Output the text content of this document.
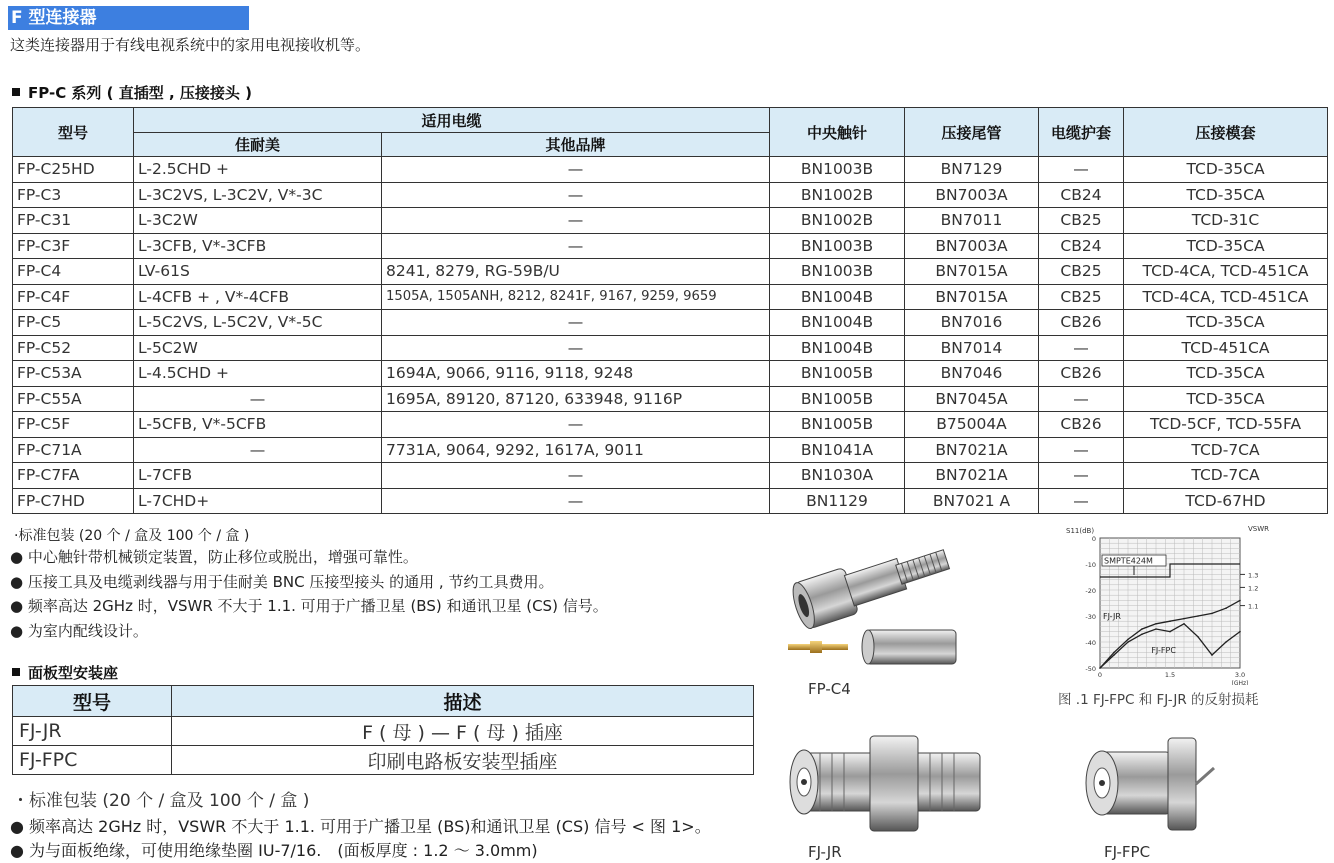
F 型连接器
这类连接器用于有线电视系统中的家用电视接收机等。
FP-C 系列 ( 直插型 , 压接接头 )
型号	适用电缆		中央触针	压接尾管	电缆护套	压接模套
	佳耐美	其他品牌				
FP-C25HD	L-2.5CHD +	—	BN1003B	BN7129	—	TCD-35CA
FP-C3	L-3C2VS, L-3C2V, V*-3C	—	BN1002B	BN7003A	CB24	TCD-35CA
FP-C31	L-3C2W	—	BN1002B	BN7011	CB25	TCD-31C
FP-C3F	L-3CFB, V*-3CFB	—	BN1003B	BN7003A	CB24	TCD-35CA
FP-C4	LV-61S	8241, 8279, RG-59B/U	BN1003B	BN7015A	CB25	TCD-4CA, TCD-451CA
FP-C4F	L-4CFB + , V*-4CFB	1505A, 1505ANH, 8212, 8241F, 9167, 9259, 9659	BN1004B	BN7015A	CB25	TCD-4CA, TCD-451CA
FP-C5	L-5C2VS, L-5C2V, V*-5C	—	BN1004B	BN7016	CB26	TCD-35CA
FP-C52	L-5C2W	—	BN1004B	BN7014	—	TCD-451CA
FP-C53A	L-4.5CHD +	1694A, 9066, 9116, 9118, 9248	BN1005B	BN7046	CB26	TCD-35CA
FP-C55A	—	1695A, 89120, 87120, 633948, 9116P	BN1005B	BN7045A	—	TCD-35CA
FP-C5F	L-5CFB, V*-5CFB	—	BN1005B	B75004A	CB26	TCD-5CF, TCD-55FA
FP-C71A	—	7731A, 9064, 9292, 1617A, 9011	BN1041A	BN7021A	—	TCD-7CA
FP-C7FA	L-7CFB	—	BN1030A	BN7021A	—	TCD-7CA
FP-C7HD	L-7CHD+	—	BN1129	BN7021 A	—	TCD-67HD
·标准包装 (20 个 / 盒及 100 个 / 盒 )
● 中心触针带机械锁定装置，防止移位或脱出，增强可靠性。
● 压接工具及电缆剥线器与用于佳耐美 BNC 压接型接头 的通用 , 节约工具费用。
● 频率高达 2GHz 时，VSWR 不大于 1.1. 可用于广播卫星 (BS) 和通讯卫星 (CS) 信号。
● 为室内配线设计。
面板型安装座
型号	描述
FJ-JR	F ( 母 ) — F ( 母 ) 插座
FJ-FPC	印刷电路板安装型插座
・标准包装 (20 个 / 盒及 100 个 / 盒 )
● 频率高达 2GHz 时，VSWR 不大于 1.1. 可用于广播卫星 (BS)和通讯卫星 (CS) 信号 < 图 1>。
● 为与面板绝缘，可使用绝缘垫圈 IU-7/16.　(面板厚度 : 1.2 ～ 3.0mm)
FP-C4
FJ-JR	FJ-FPC
S11(dB)	VSWR
0
-10
-20
-30
-40
-50
1.3
1.2
1.1
0	1.5	3.0
(GHz)
SMPTE424M
FJ-JR
FJ-FPC
图 .1 FJ-FPC 和 FJ-JR 的反射损耗
